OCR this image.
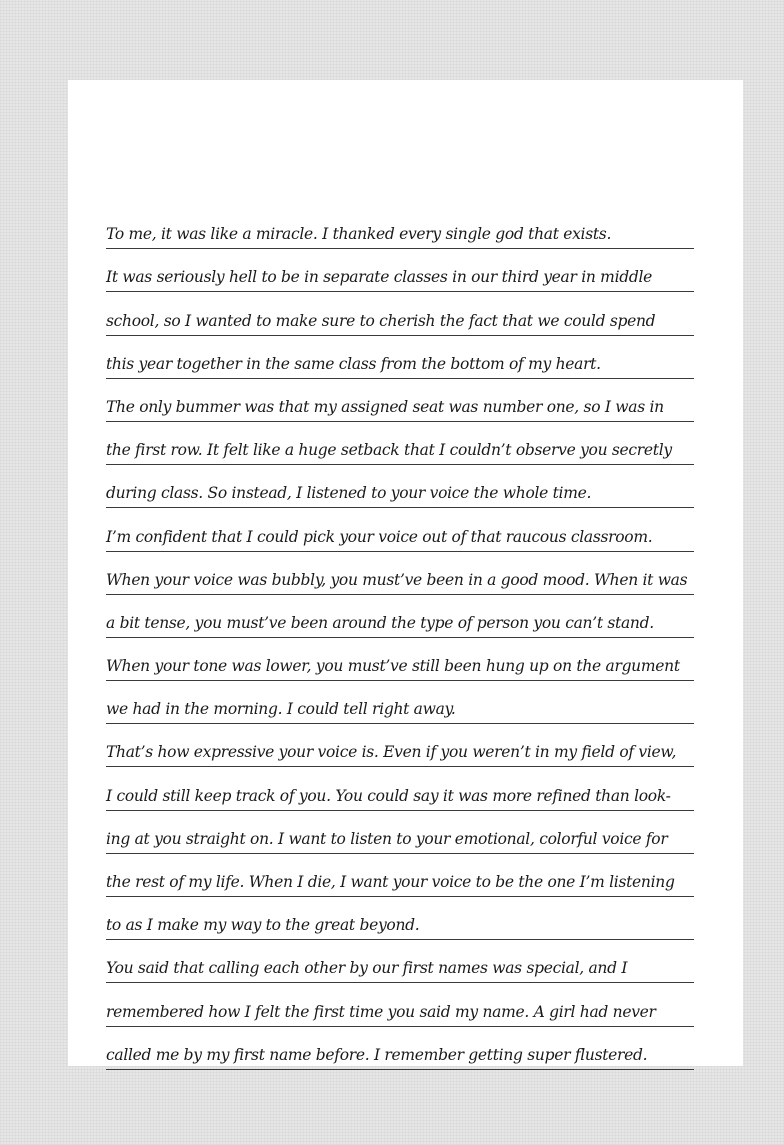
To me, it was like a miracle. I thanked every single god that exists.
It was seriously hell to be in separate classes in our third year in middle
school, so I wanted to make sure to cherish the fact that we could spend
this year together in the same class from the bottom of my heart.
The only bummer was that my assigned seat was number one, so I was in
the first row. It felt like a huge setback that I couldn’t observe you secretly
during class. So instead, I listened to your voice the whole time.
I’m confident that I could pick your voice out of that raucous classroom.
When your voice was bubbly, you must’ve been in a good mood. When it was
a bit tense, you must’ve been around the type of person you can’t stand.
When your tone was lower, you must’ve still been hung up on the argument
we had in the morning. I could tell right away.
That’s how expressive your voice is. Even if you weren’t in my field of view,
I could still keep track of you. You could say it was more refined than look-
ing at you straight on. I want to listen to your emotional, colorful voice for
the rest of my life. When I die, I want your voice to be the one I’m listening
to as I make my way to the great beyond.
You said that calling each other by our first names was special, and I
remembered how I felt the first time you said my name. A girl had never
called me by my first name before. I remember getting super flustered.
